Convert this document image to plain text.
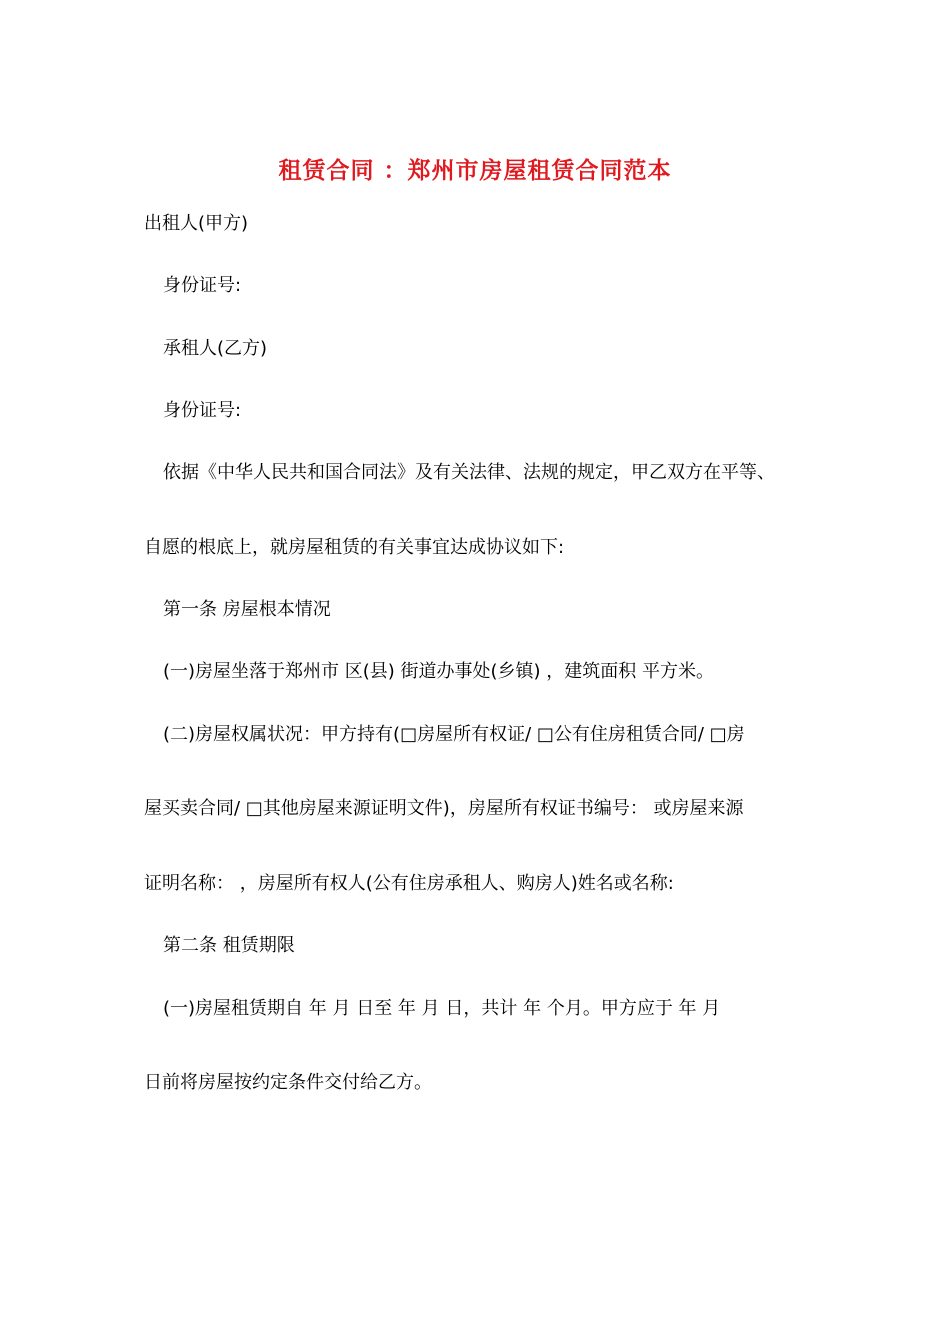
租赁合同 ：郑州市房屋租赁合同范本
出租人(甲方)
身份证号:
承租人(乙方)
身份证号:
依据《中华人民共和国合同法》及有关法律、法规的规定，甲乙双方在平等、
自愿的根底上，就房屋租赁的有关事宜达成协议如下:
第一条 房屋根本情况
(一)房屋坐落于郑州市 区(县) 街道办事处(乡镇) ，建筑面积 平方米。
(二)房屋权属状况：甲方持有(□房屋所有权证/ □公有住房租赁合同/ □房
屋买卖合同/ □其他房屋来源证明文件)，房屋所有权证书编号： 或房屋来源
证明名称： ，房屋所有权人(公有住房承租人、购房人)姓名或名称:
第二条 租赁期限
(一)房屋租赁期自 年 月 日至 年 月 日，共计 年 个月。甲方应于 年 月
日前将房屋按约定条件交付给乙方。
